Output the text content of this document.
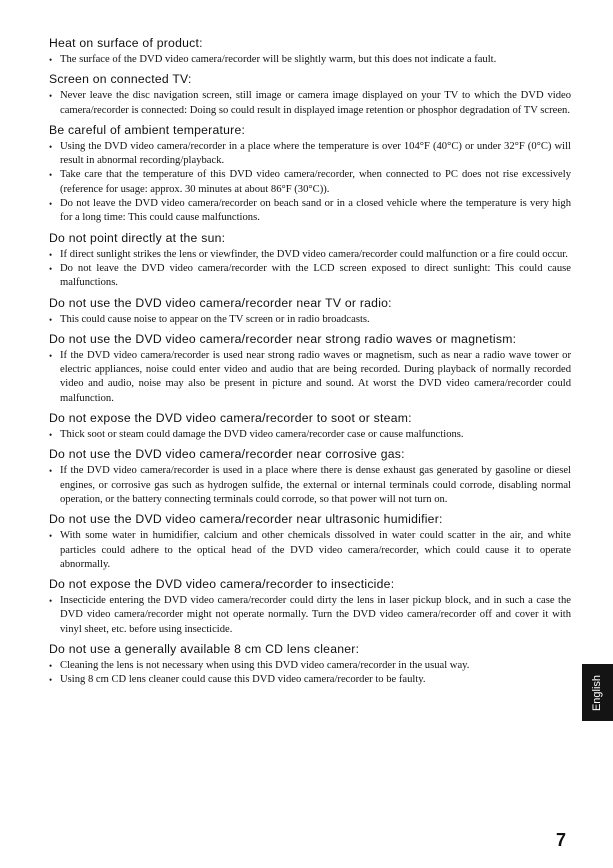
Heat on surface of product:
• The surface of the DVD video camera/recorder will be slightly warm, but this does not indicate a fault.
Screen on connected TV:
• Never leave the disc navigation screen, still image or camera image displayed on your TV to which the DVD video camera/recorder is connected: Doing so could result in displayed image retention or phosphor degradation of TV screen.
Be careful of ambient temperature:
• Using the DVD video camera/recorder in a place where the temperature is over 104°F (40°C) or under 32°F (0°C) will result in abnormal recording/playback.
• Take care that the temperature of this DVD video camera/recorder, when connected to PC does not rise excessively (reference for usage: approx. 30 minutes at about 86°F (30°C)).
• Do not leave the DVD video camera/recorder on beach sand or in a closed vehicle where the temperature is very high for a long time: This could cause malfunctions.
Do not point directly at the sun:
• If direct sunlight strikes the lens or viewfinder, the DVD video camera/recorder could malfunction or a fire could occur.
• Do not leave the DVD video camera/recorder with the LCD screen exposed to direct sunlight: This could cause malfunctions.
Do not use the DVD video camera/recorder near TV or radio:
• This could cause noise to appear on the TV screen or in radio broadcasts.
Do not use the DVD video camera/recorder near strong radio waves or magnetism:
• If the DVD video camera/recorder is used near strong radio waves or magnetism, such as near a radio wave tower or electric appliances, noise could enter video and audio that are being recorded. During playback of normally recorded video and audio, noise may also be present in picture and sound. At worst the DVD video camera/recorder could malfunction.
Do not expose the DVD video camera/recorder to soot or steam:
• Thick soot or steam could damage the DVD video camera/recorder case or cause malfunctions.
Do not use the DVD video camera/recorder near corrosive gas:
• If the DVD video camera/recorder is used in a place where there is dense exhaust gas generated by gasoline or diesel engines, or corrosive gas such as hydrogen sulfide, the external or internal terminals could corrode, disabling normal operation, or the battery connecting terminals could corrode, so that power will not turn on.
Do not use the DVD video camera/recorder near ultrasonic humidifier:
• With some water in humidifier, calcium and other chemicals dissolved in water could scatter in the air, and white particles could adhere to the optical head of the DVD video camera/recorder, which could cause it to operate abnormally.
Do not expose the DVD video camera/recorder to insecticide:
• Insecticide entering the DVD video camera/recorder could dirty the lens in laser pickup block, and in such a case the DVD video camera/recorder might not operate normally. Turn the DVD video camera/recorder off and cover it with vinyl sheet, etc. before using insecticide.
Do not use a generally available 8 cm CD lens cleaner:
• Cleaning the lens is not necessary when using this DVD video camera/recorder in the usual way.
• Using 8 cm CD lens cleaner could cause this DVD video camera/recorder to be faulty.	English
7
